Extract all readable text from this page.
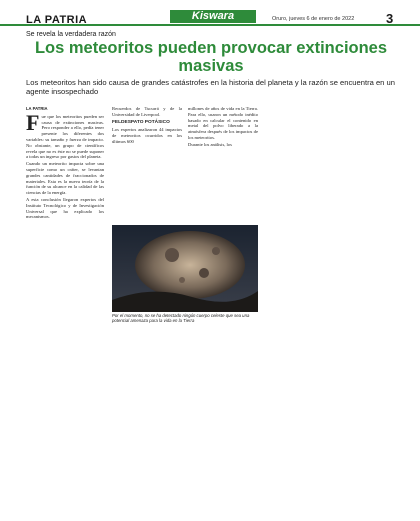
LA PATRIA	Kiswara	Oruro, jueves 6 de enero de 2022 3
Se revela la verdadera razón
Los meteoritos pueden provocar extinciones masivas
Los meteoritos han sido causa de grandes catástrofes en la historia del planeta y la razón se encuentra en un agente insospechado
LA PATRIA

Fue que los meteoritos pueden ser causa de extinciones masivas. Pero responder a ello, pedía tener presente los diferentes dos variables: su tamaño y fuerza de impacto. No obstante, un grupo de científicos revela que no es éste no se puede suponer a todas un ingreso por gastos del planeta.

Cuando un meteorito impacta sobre una superficie como un cráter, se levantan grandes cantidades de fraccionados de materiales. Esta es la nueva teoría de la función de su alcance en la calidad de las ciencias de la energía.

A esta conclusión llegaron expertos del Instituto Tecnológico y de Investigación Universal que ha explicado los mecanismos.

Recuerdos de Tucurrá y de la Universidad de Liverpool.

FELDESPATO POTÁSICO

Los expertos analizaron 44 impactos de meteoritos ocurridos en los últimos 600

millones de años de vida en la Tierra. Para ello, usaron un método inédito basado en calcular el contenido en metal del polvo liberado a la atmósfera después de los impactos de los meteoritos.

Durante los análisis, los

Por el momento, no se ha detectado ningún cuerpo celeste que sea una potencial amenaza para la vida en la Tierra
